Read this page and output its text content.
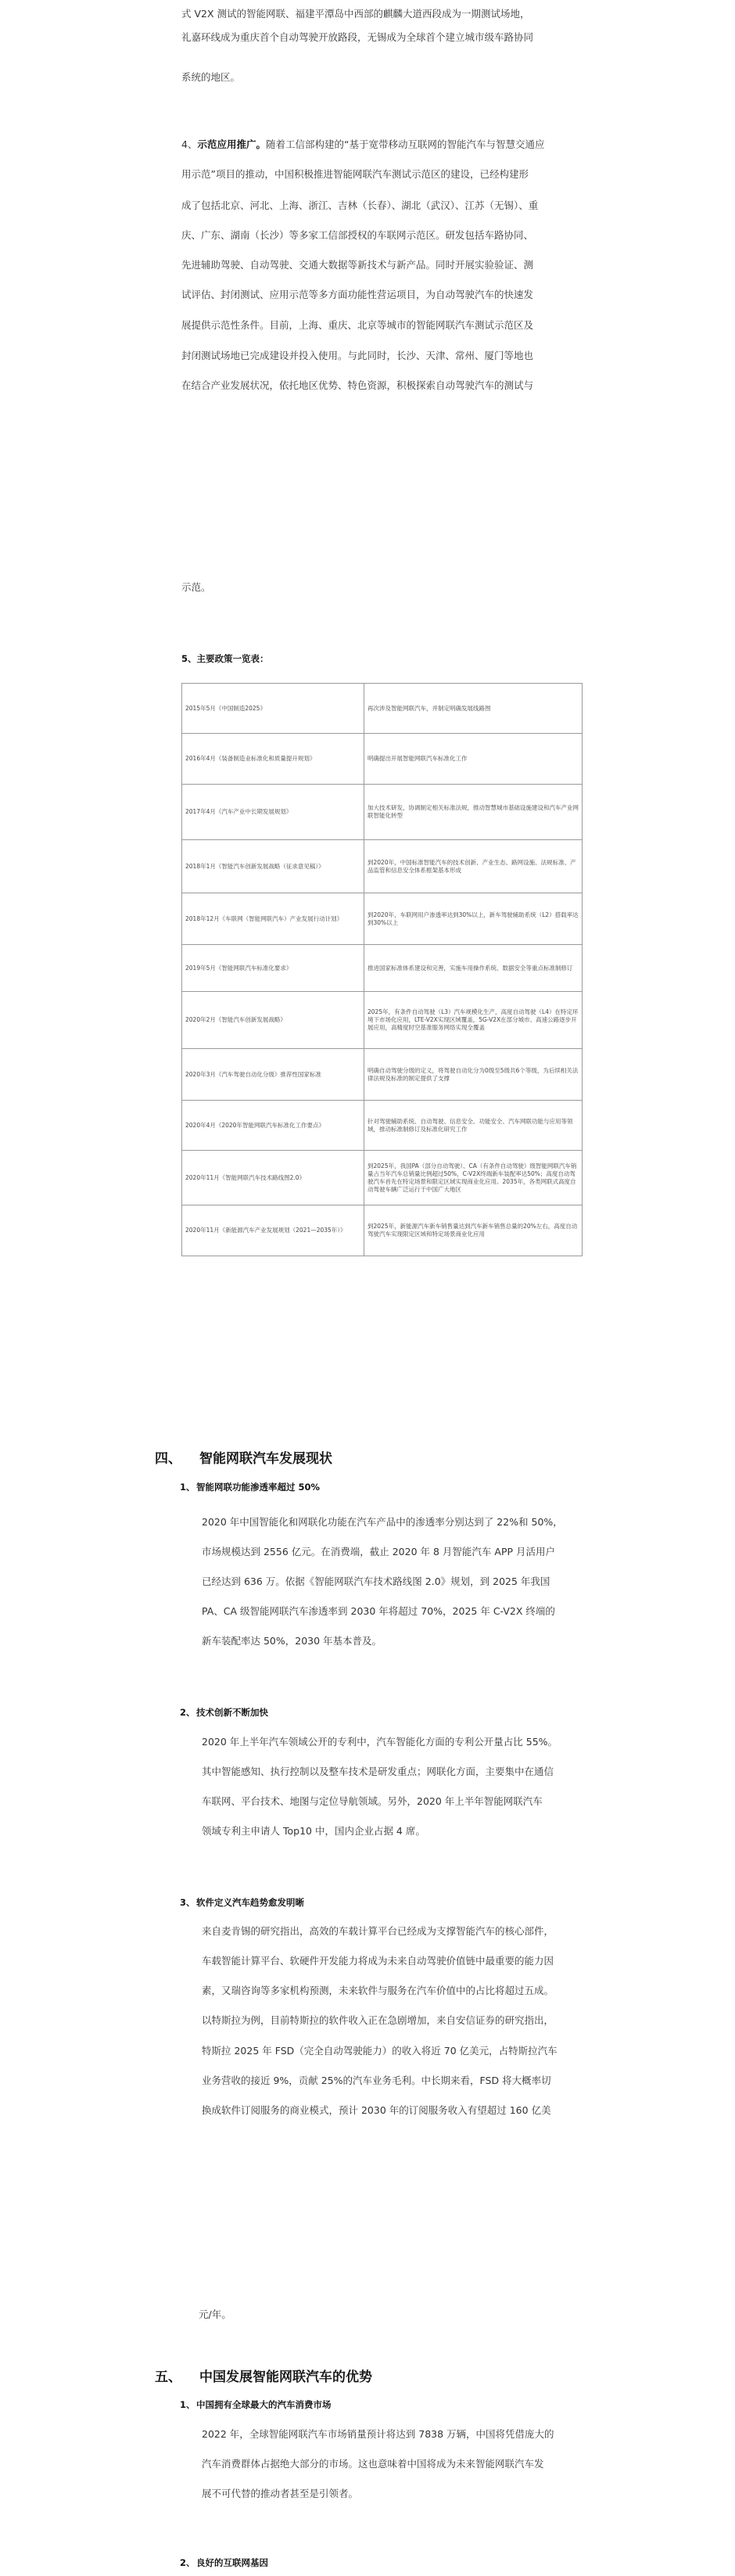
式 V2X 测试的智能网联、福建平潭岛中西部的麒麟大道西段成为一期测试场地，
礼嘉环线成为重庆首个自动驾驶开放路段，无锡成为全球首个建立城市级车路协同
系统的地区。
4、示范应用推广。随着工信部构建的“基于宽带移动互联网的智能汽车与智慧交通应
用示范”项目的推动，中国积极推进智能网联汽车测试示范区的建设，已经构建形
成了包括北京、河北、上海、浙江、吉林（长春）、湖北（武汉）、江苏（无锡）、重
庆、广东、湖南（长沙）等多家工信部授权的车联网示范区。研发包括车路协同、
先进辅助驾驶、自动驾驶、交通大数据等新技术与新产品。同时开展实验验证、测
试评估、封闭测试、应用示范等多方面功能性营运项目，为自动驾驶汽车的快速发
展提供示范性条件。目前，上海、重庆、北京等城市的智能网联汽车测试示范区及
封闭测试场地已完成建设并投入使用。与此同时，长沙、天津、常州、厦门等地也
在结合产业发展状况，依托地区优势、特色资源，积极探索自动驾驶汽车的测试与
示范。
5、主要政策一览表：
2015年5月《中国制造2025》	再次涉及智能网联汽车，并制定明确发展线路图
2016年4月《装备制造业标准化和质量提升规划》	明确提出开展智能网联汽车标准化工作
2017年4月《汽车产业中长期发展规划》	加大技术研发，协调制定相关标准法规，推动智慧城市基础设施建设和汽车产业网联智能化转型
2018年1月《智能汽车创新发展战略（征求意见稿）》	到2020年，中国标准智能汽车的技术创新、产业生态、路网设施、法规标准、产品监管和信息安全体系框架基本形成
2018年12月《车联网（智能网联汽车）产业发展行动计划》	到2020年，车联网用户渗透率达到30%以上，新车驾驶辅助系统（L2）搭载率达到30%以上
2019年5月《智能网联汽车标准化要求》	推进国家标准体系建设和完善，实施车用操作系统、数据安全等重点标准制修订
2020年2月《智能汽车创新发展战略》	2025年，有条件自动驾驶（L3）汽车规模化生产，高度自动驾驶（L4）在特定环境下市场化应用，LTE-V2X实现区域覆盖，5G-V2X在部分城市、高速公路逐步开展应用，高精度时空基准服务网络实现全覆盖
2020年3月《汽车驾驶自动化分级》推荐性国家标准	明确自动驾驶分级的定义，将驾驶自动化分为0级至5级共6个等级，为后续相关法律法规及标准的制定提供了支撑
2020年4月《2020年智能网联汽车标准化工作要点》	针对驾驶辅助系统、自动驾驶、信息安全、功能安全、汽车网联功能与应用等领域，推动标准制修订及标准化研究工作
2020年11月《智能网联汽车技术路线图2.0》	到2025年，我国PA（部分自动驾驶）、CA（有条件自动驾驶）级智能网联汽车销量占当年汽车总销量比例超过50%，C-V2X终端新车装配率达50%；高度自动驾驶汽车首先在特定场景和限定区域实现商业化应用。2035年，各类网联式高度自动驾驶车辆广泛运行于中国广大地区
2020年11月《新能源汽车产业发展规划（2021—2035年）》	到2025年，新能源汽车新车销售量达到汽车新车销售总量的20%左右，高度自动驾驶汽车实现限定区域和特定场景商业化应用
四、 智能网联汽车发展现状
1、 智能网联功能渗透率超过 50%
2020 年中国智能化和网联化功能在汽车产品中的渗透率分别达到了 22%和 50%，
市场规模达到 2556 亿元。在消费端，截止 2020 年 8 月智能汽车 APP 月活用户
已经达到 636 万。依据《智能网联汽车技术路线图 2.0》规划，到 2025 年我国
PA、CA 级智能网联汽车渗透率到 2030 年将超过 70%，2025 年 C-V2X 终端的
新车装配率达 50%，2030 年基本普及。
2、 技术创新不断加快
2020 年上半年汽车领域公开的专利中，汽车智能化方面的专利公开量占比 55%。
其中智能感知、执行控制以及整车技术是研发重点；网联化方面，主要集中在通信
车联网、平台技术、地图与定位导航领域。另外，2020 年上半年智能网联汽车
领域专利主申请人 Top10 中，国内企业占据 4 席。
3、 软件定义汽车趋势愈发明晰
来自麦肯锡的研究指出，高效的车载计算平台已经成为支撑智能汽车的核心部件，
车载智能计算平台、软硬件开发能力将成为未来自动驾驶价值链中最重要的能力因
素，又瑞咨询等多家机构预测，未来软件与服务在汽车价值中的占比将超过五成。
以特斯拉为例，目前特斯拉的软件收入正在急剧增加，来自安信证券的研究指出，
特斯拉 2025 年 FSD（完全自动驾驶能力）的收入将近 70 亿美元，占特斯拉汽车
业务营收的接近 9%，贡献 25%的汽车业务毛利。中长期来看，FSD 将大概率切
换成软件订阅服务的商业模式，预计 2030 年的订阅服务收入有望超过 160 亿美
元/年。
五、 中国发展智能网联汽车的优势
1、 中国拥有全球最大的汽车消费市场
2022 年，全球智能网联汽车市场销量预计将达到 7838 万辆，中国将凭借庞大的
汽车消费群体占据绝大部分的市场。这也意味着中国将成为未来智能网联汽车发
展不可代替的推动者甚至是引领者。
2、 良好的互联网基因
